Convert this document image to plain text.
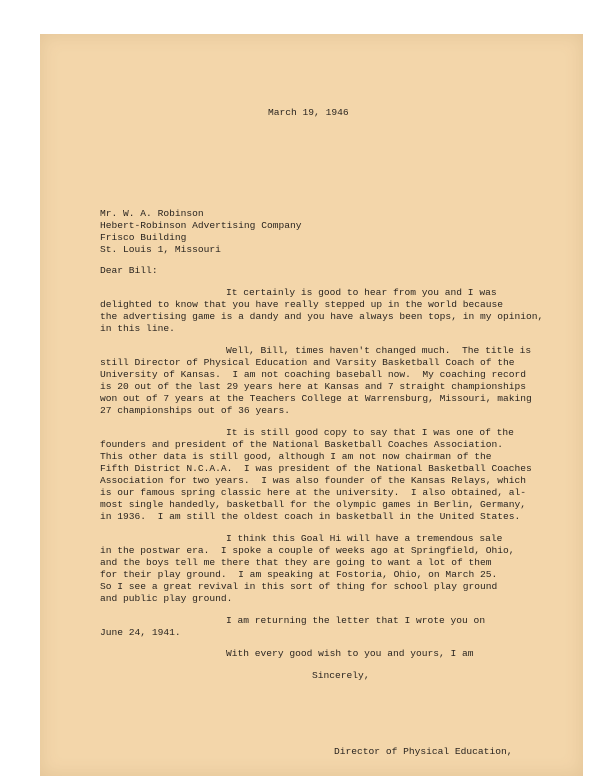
March 19, 1946
Mr. W. A. Robinson
Hebert-Robinson Advertising Company
Frisco Building
St. Louis 1, Missouri
Dear Bill:
It certainly is good to hear from you and I was
delighted to know that you have really stepped up in the world because
the advertising game is a dandy and you have always been tops, in my opinion,
in this line.
Well, Bill, times haven't changed much.  The title is
still Director of Physical Education and Varsity Basketball Coach of the
University of Kansas.  I am not coaching baseball now.  My coaching record
is 20 out of the last 29 years here at Kansas and 7 straight championships
won out of 7 years at the Teachers College at Warrensburg, Missouri, making
27 championships out of 36 years.
It is still good copy to say that I was one of the
founders and president of the National Basketball Coaches Association.
This other data is still good, although I am not now chairman of the
Fifth District N.C.A.A.  I was president of the National Basketball Coaches
Association for two years.  I was also founder of the Kansas Relays, which
is our famous spring classic here at the university.  I also obtained, al-
most single handedly, basketball for the olympic games in Berlin, Germany,
in 1936.  I am still the oldest coach in basketball in the United States.
I think this Goal Hi will have a tremendous sale
in the postwar era.  I spoke a couple of weeks ago at Springfield, Ohio,
and the boys tell me there that they are going to want a lot of them
for their play ground.  I am speaking at Fostoria, Ohio, on March 25.
So I see a great revival in this sort of thing for school play ground
and public play ground.
I am returning the letter that I wrote you on
June 24, 1941.
With every good wish to you and yours, I am
Sincerely,
Director of Physical Education,
